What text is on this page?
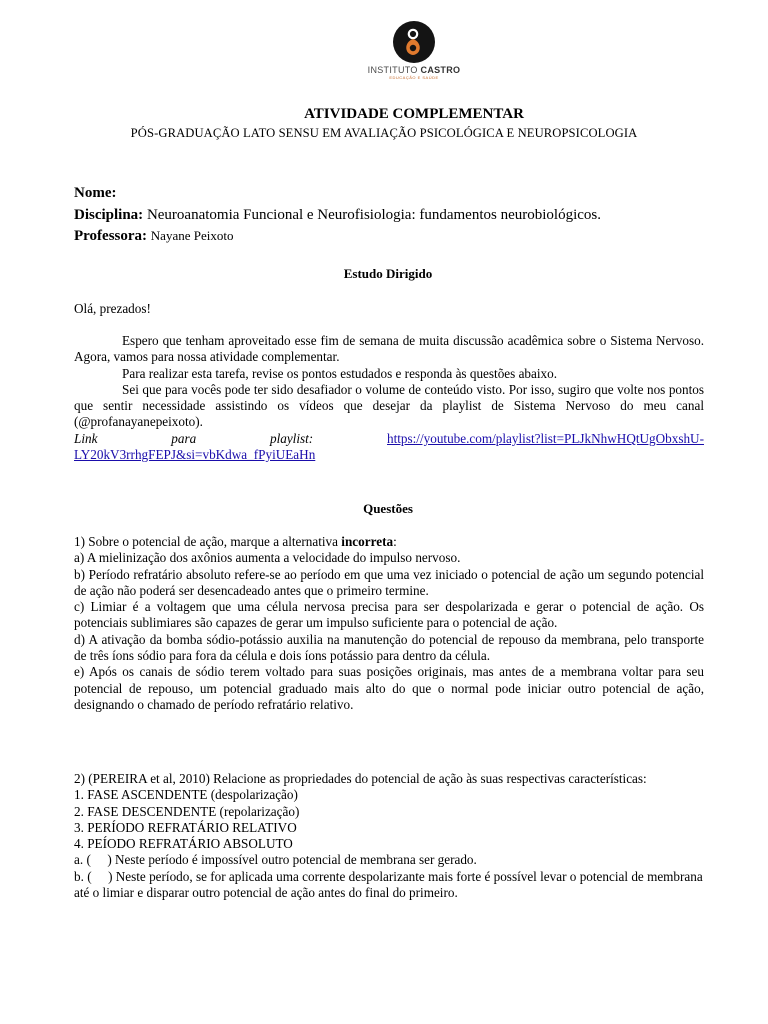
INSTITUTO CASTRO
EDUCAÇÃO E SAÚDE
ATIVIDADE COMPLEMENTAR
PÓS-GRADUAÇÃO LATO SENSU EM AVALIAÇÃO PSICOLÓGICA E NEUROPSICOLOGIA
Nome:
Disciplina: Neuroanatomia Funcional e Neurofisiologia: fundamentos neurobiológicos.
Professora: Nayane Peixoto
Estudo Dirigido
Olá, prezados!

Espero que tenham aproveitado esse fim de semana de muita discussão acadêmica sobre o Sistema Nervoso. Agora, vamos para nossa atividade complementar.

Para realizar esta tarefa, revise os pontos estudados e responda às questões abaixo.

Sei que para vocês pode ter sido desafiador o volume de conteúdo visto. Por isso, sugiro que volte nos pontos que sentir necessidade assistindo os vídeos que desejar da playlist de Sistema Nervoso do meu canal (@profanayanepeixoto).

Link	para	playlist:	https://youtube.com/playlist?list=PLJkNhwHQtUgObxshU-

LY20kV3rrhgFEPJ&si=vbKdwa_fPyiUEaHn

Questões

1) Sobre o potencial de ação, marque a alternativa incorreta:

a) A mielinização dos axônios aumenta a velocidade do impulso nervoso.

b) Período refratário absoluto refere-se ao período em que uma vez iniciado o potencial de ação um segundo potencial de ação não poderá ser desencadeado antes que o primeiro termine.

c) Limiar é a voltagem que uma célula nervosa precisa para ser despolarizada e gerar o potencial de ação. Os potenciais sublimiares são capazes de gerar um impulso suficiente para o potencial de ação.

d) A ativação da bomba sódio-potássio auxilia na manutenção do potencial de repouso da membrana, pelo transporte de três íons sódio para fora da célula e dois íons potássio para dentro da célula.

e) Após os canais de sódio terem voltado para suas posições originais, mas antes de a membrana voltar para seu potencial de repouso, um potencial graduado mais alto do que o normal pode iniciar outro potencial de ação, designando o chamado de período refratário relativo.

2) (PEREIRA et al, 2010) Relacione as propriedades do potencial de ação às suas respectivas características:

1. FASE ASCENDENTE (despolarização)

2. FASE DESCENDENTE (repolarização)

3. PERÍODO REFRATÁRIO RELATIVO

4. PEÍODO REFRATÁRIO ABSOLUTO

a. (     ) Neste período é impossível outro potencial de membrana ser gerado.

b. (     ) Neste período, se for aplicada uma corrente despolarizante mais forte é possível levar o potencial de membrana até o limiar e disparar outro potencial de ação antes do final do primeiro.
